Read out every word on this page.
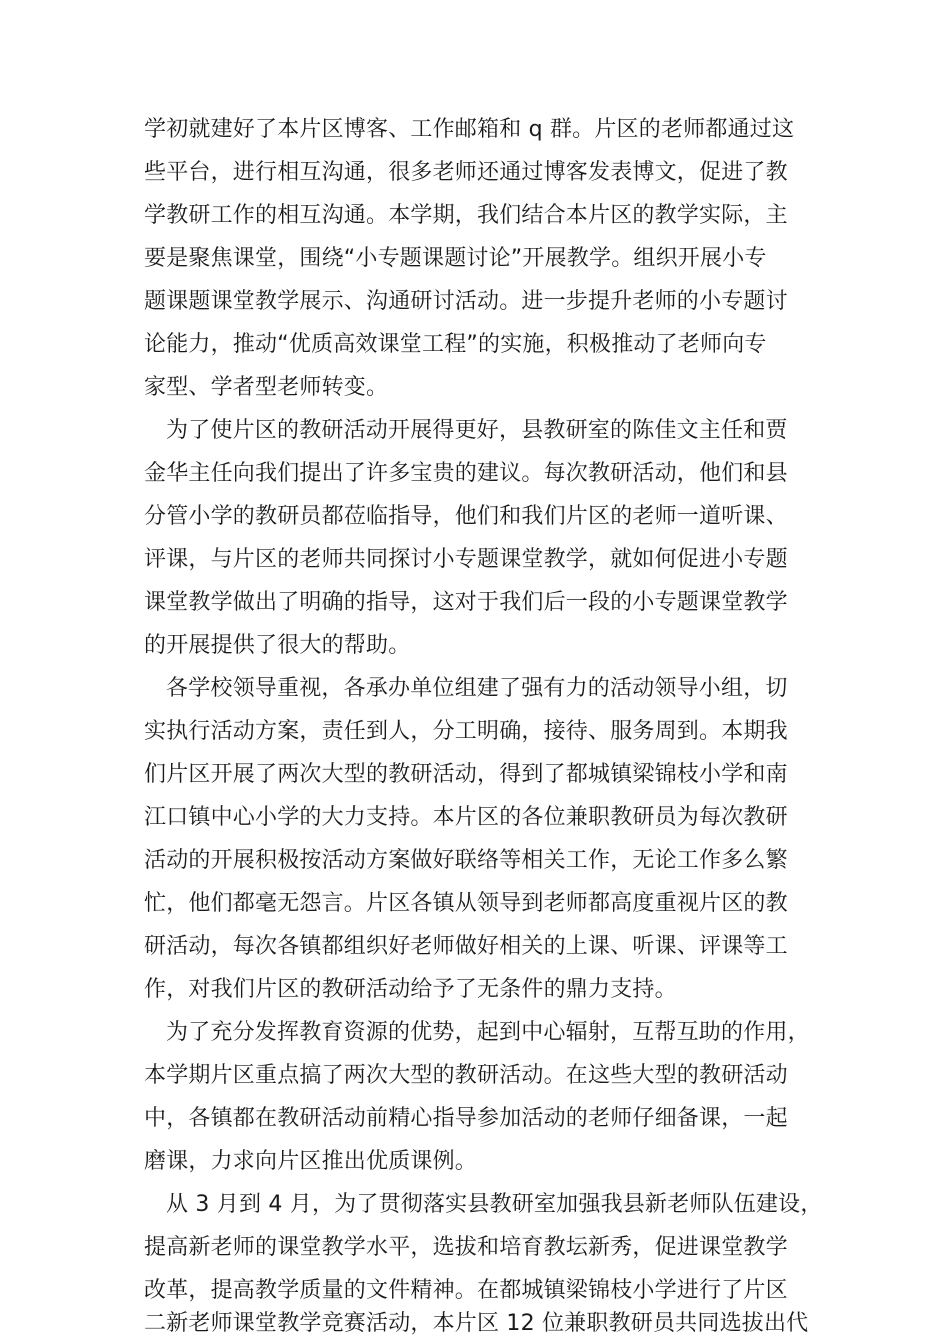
学初就建好了本片区博客、工作邮箱和 q 群。片区的老师都通过这
些平台，进行相互沟通，很多老师还通过博客发表博文，促进了教
学教研工作的相互沟通。本学期，我们结合本片区的教学实际，主
要是聚焦课堂，围绕“小专题课题讨论”开展教学。组织开展小专
题课题课堂教学展示、沟通研讨活动。进一步提升老师的小专题讨
论能力，推动“优质高效课堂工程”的实施，积极推动了老师向专
家型、学者型老师转变。
为了使片区的教研活动开展得更好，县教研室的陈佳文主任和贾
金华主任向我们提出了许多宝贵的建议。每次教研活动，他们和县
分管小学的教研员都莅临指导，他们和我们片区的老师一道听课、
评课，与片区的老师共同探讨小专题课堂教学，就如何促进小专题
课堂教学做出了明确的指导，这对于我们后一段的小专题课堂教学
的开展提供了很大的帮助。
各学校领导重视，各承办单位组建了强有力的活动领导小组，切
实执行活动方案，责任到人，分工明确，接待、服务周到。本期我
们片区开展了两次大型的教研活动，得到了都城镇梁锦枝小学和南
江口镇中心小学的大力支持。本片区的各位兼职教研员为每次教研
活动的开展积极按活动方案做好联络等相关工作，无论工作多么繁
忙，他们都毫无怨言。片区各镇从领导到老师都高度重视片区的教
研活动，每次各镇都组织好老师做好相关的上课、听课、评课等工
作，对我们片区的教研活动给予了无条件的鼎力支持。
为了充分发挥教育资源的优势，起到中心辐射，互帮互助的作用，
本学期片区重点搞了两次大型的教研活动。在这些大型的教研活动
中，各镇都在教研活动前精心指导参加活动的老师仔细备课，一起
磨课，力求向片区推出优质课例。
从 3 月到 4 月，为了贯彻落实县教研室加强我县新老师队伍建设，
提高新老师的课堂教学水平，选拔和培育教坛新秀，促进课堂教学
改革，提高教学质量的文件精神。在都城镇梁锦枝小学进行了片区
二新老师课堂教学竞赛活动，本片区 12 位兼职教研员共同选拔出代
